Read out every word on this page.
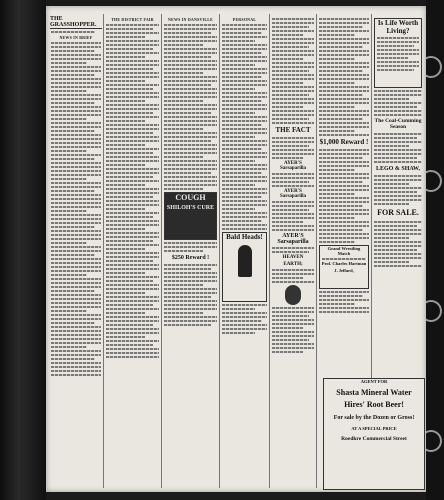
THE GRASSHOPPER.
NEWS IN BRIEF
THE DISTRICT FAIR	NEWS IN DANSVILLE
COUGH
SHILOH'S CURE
$250 Reward !
PERSONAL
Bald Heads!
THE FACT
AYER'S Sarsaparilla
AYER'S Sarsaparilla
AYER'S Sarsaparilla
HEAVEN
EARTH;
$1,000 Reward !
Grand Wrestling Match
Prof. Charles Hartman
J. Jeffard,
Is Life Worth Living?
The Coal-Cumming Season
LEGO & SHAW,
FOR SALE.
AGENT FOR
Shasta Mineral Water
Hires' Root Beer!
For sale by the Dozen or Gross!
AT A SPECIAL PRICE
Roedkre Commercial Street
